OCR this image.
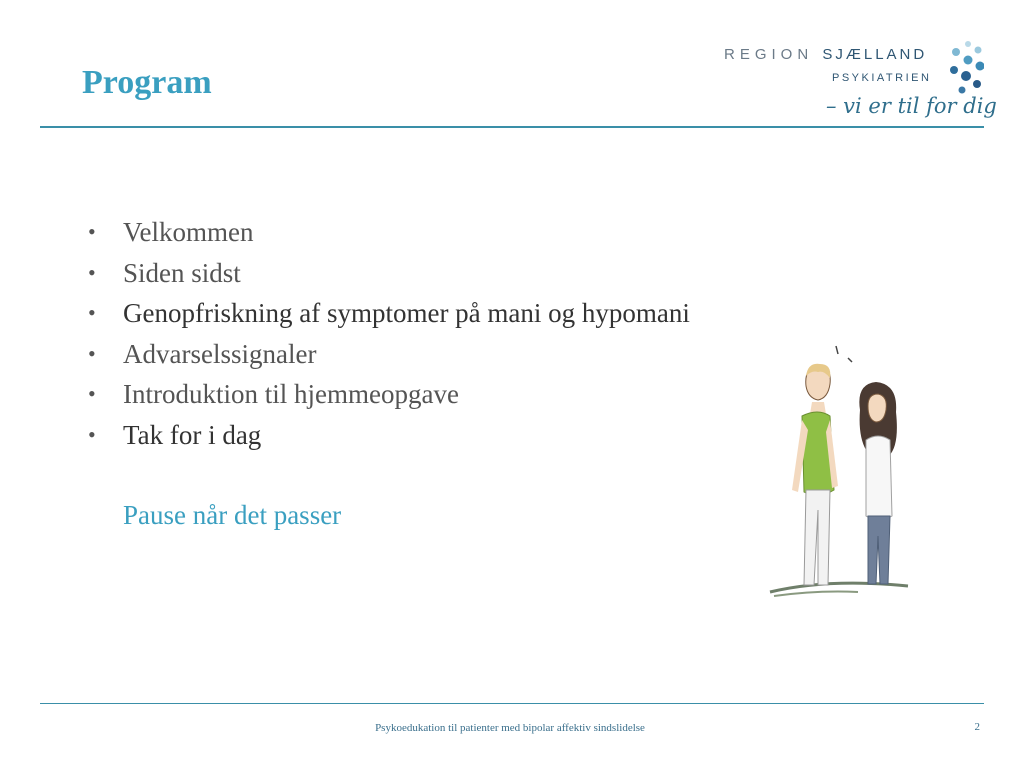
Program
REGION SJÆLLAND
PSYKIATRIEN
– vi er til for dig
• Velkommen
• Siden sidst
• Genopfriskning af symptomer på mani og hypomani
• Advarselssignaler
• Introduktion til hjemmeopgave
• Tak for i dag
Pause når det passer
Psykoedukation til patienter med bipolar affektiv sindslidelse	2
